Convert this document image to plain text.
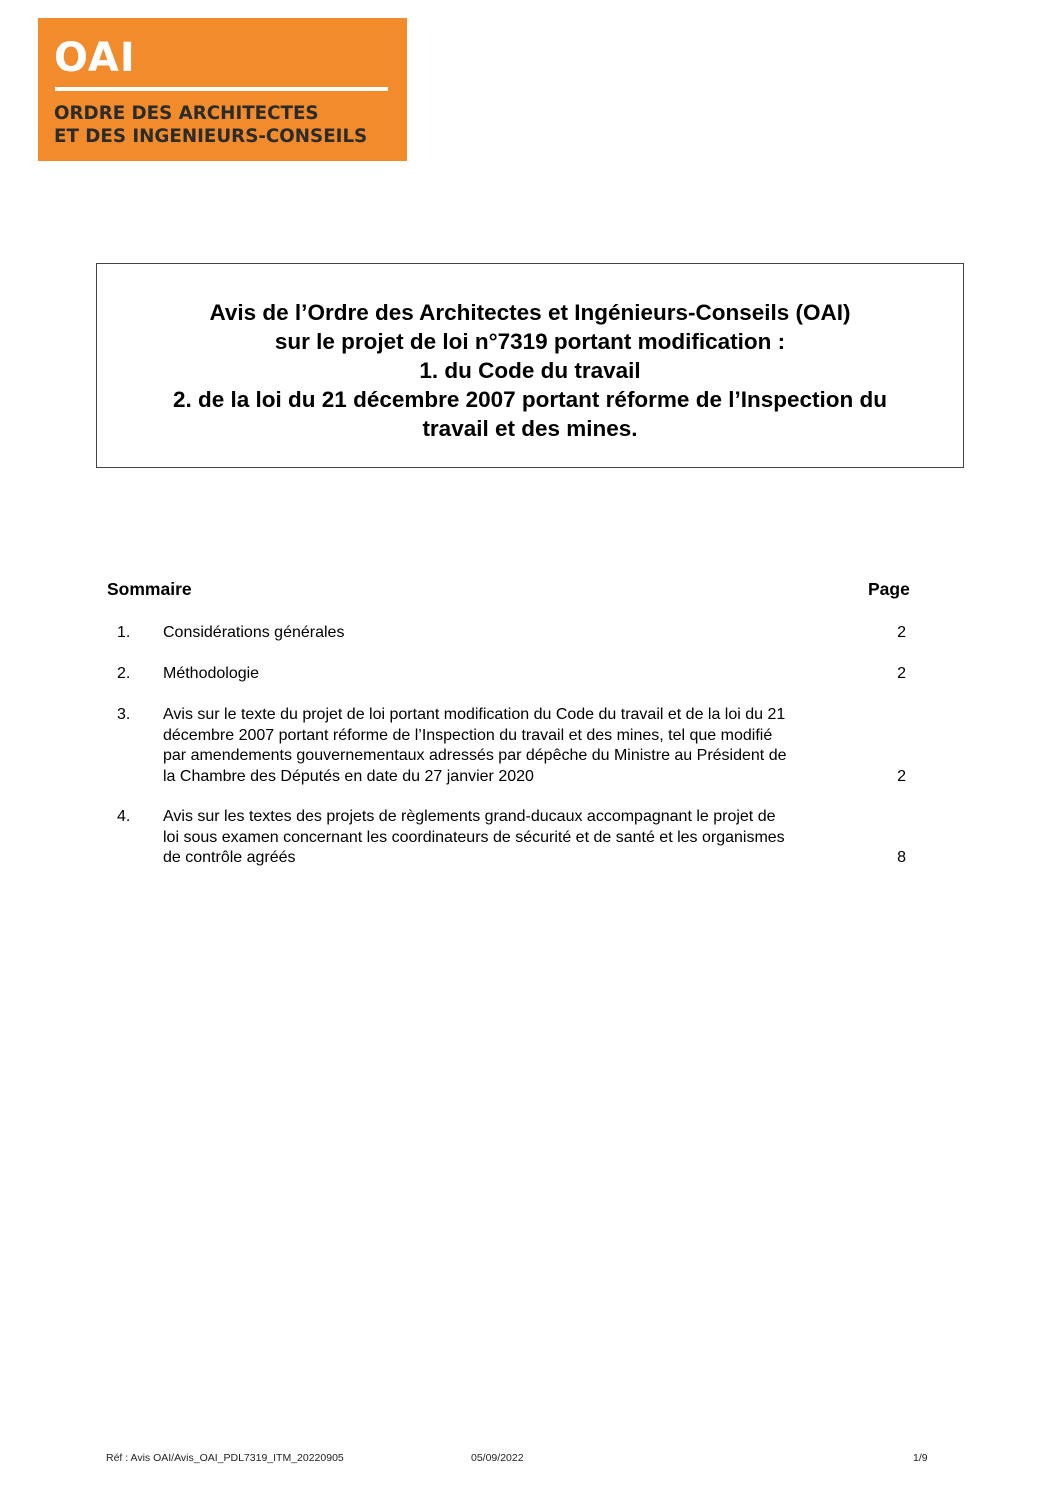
OAI
ORDRE DES ARCHITECTES
ET DES INGENIEURS-CONSEILS
Avis de l’Ordre des Architectes et Ingénieurs-Conseils (OAI)
sur le projet de loi n°7319 portant modification :
1. du Code du travail
2. de la loi du 21 décembre 2007 portant réforme de l’Inspection du
travail et des mines.
Sommaire	Page
1. Considérations générales	2
2. Méthodologie	2
3. Avis sur le texte du projet de loi portant modification du Code du travail et de la loi du 21
décembre 2007 portant réforme de l’Inspection du travail et des mines, tel que modifié
par amendements gouvernementaux adressés par dépêche du Ministre au Président de
la Chambre des Députés en date du 27 janvier 2020	2
4. Avis sur les textes des projets de règlements grand-ducaux accompagnant le projet de
loi sous examen concernant les coordinateurs de sécurité et de santé et les organismes
de contrôle agréés	8
Réf : Avis OAI/Avis_OAI_PDL7319_ITM_20220905	05/09/2022	1/9
